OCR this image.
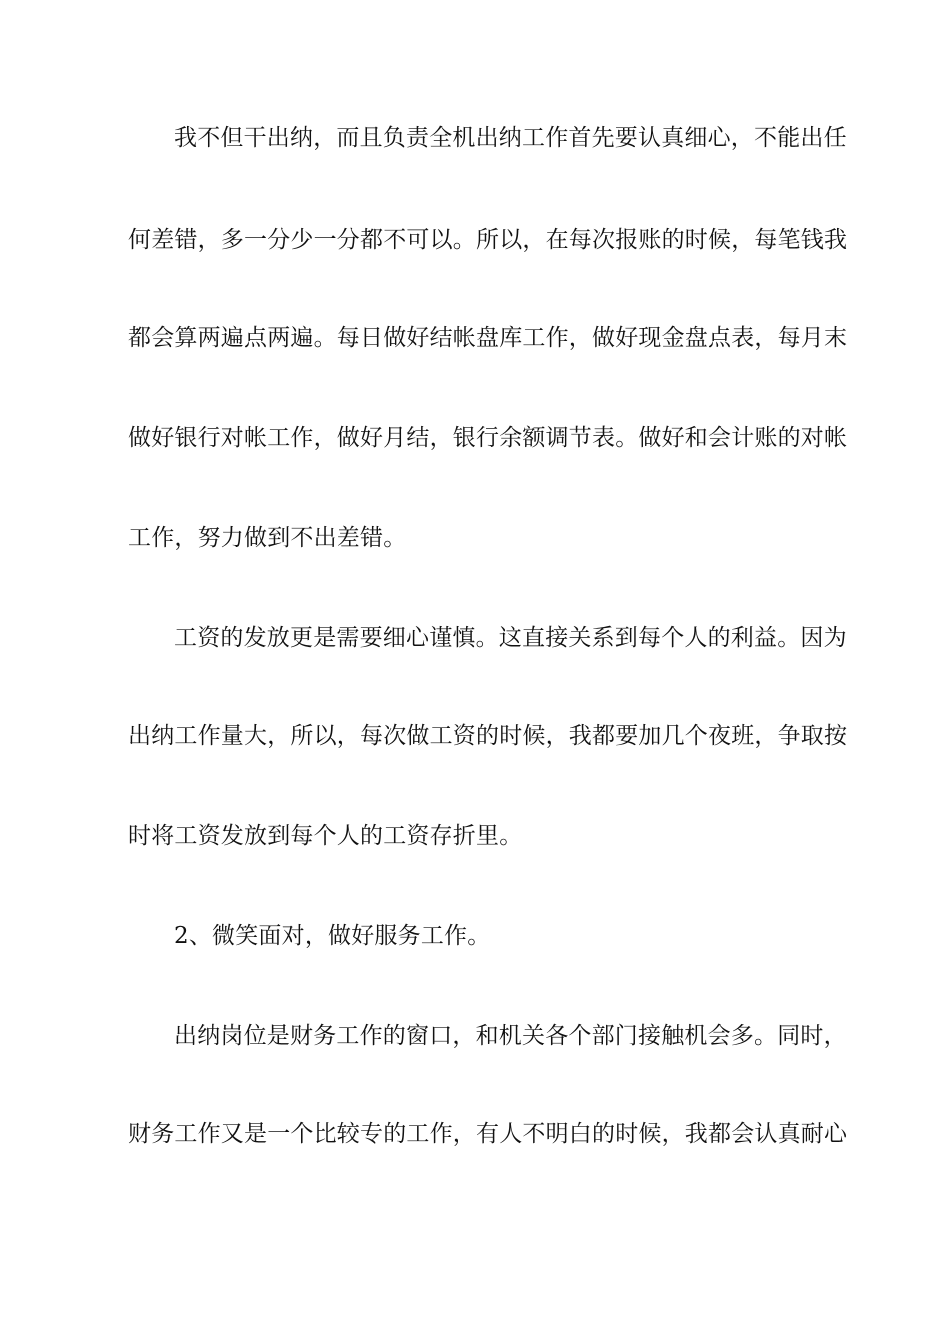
我不但干出纳，而且负责全机出纳工作首先要认真细心，不能出任
何差错，多一分少一分都不可以。所以，在每次报账的时候，每笔钱我
都会算两遍点两遍。每日做好结帐盘库工作，做好现金盘点表，每月末
做好银行对帐工作，做好月结，银行余额调节表。做好和会计账的对帐
工作，努力做到不出差错。
工资的发放更是需要细心谨慎。这直接关系到每个人的利益。因为
出纳工作量大，所以，每次做工资的时候，我都要加几个夜班，争取按
时将工资发放到每个人的工资存折里。
2、微笑面对，做好服务工作。
出纳岗位是财务工作的窗口，和机关各个部门接触机会多。同时，
财务工作又是一个比较专的工作，有人不明白的时候，我都会认真耐心
